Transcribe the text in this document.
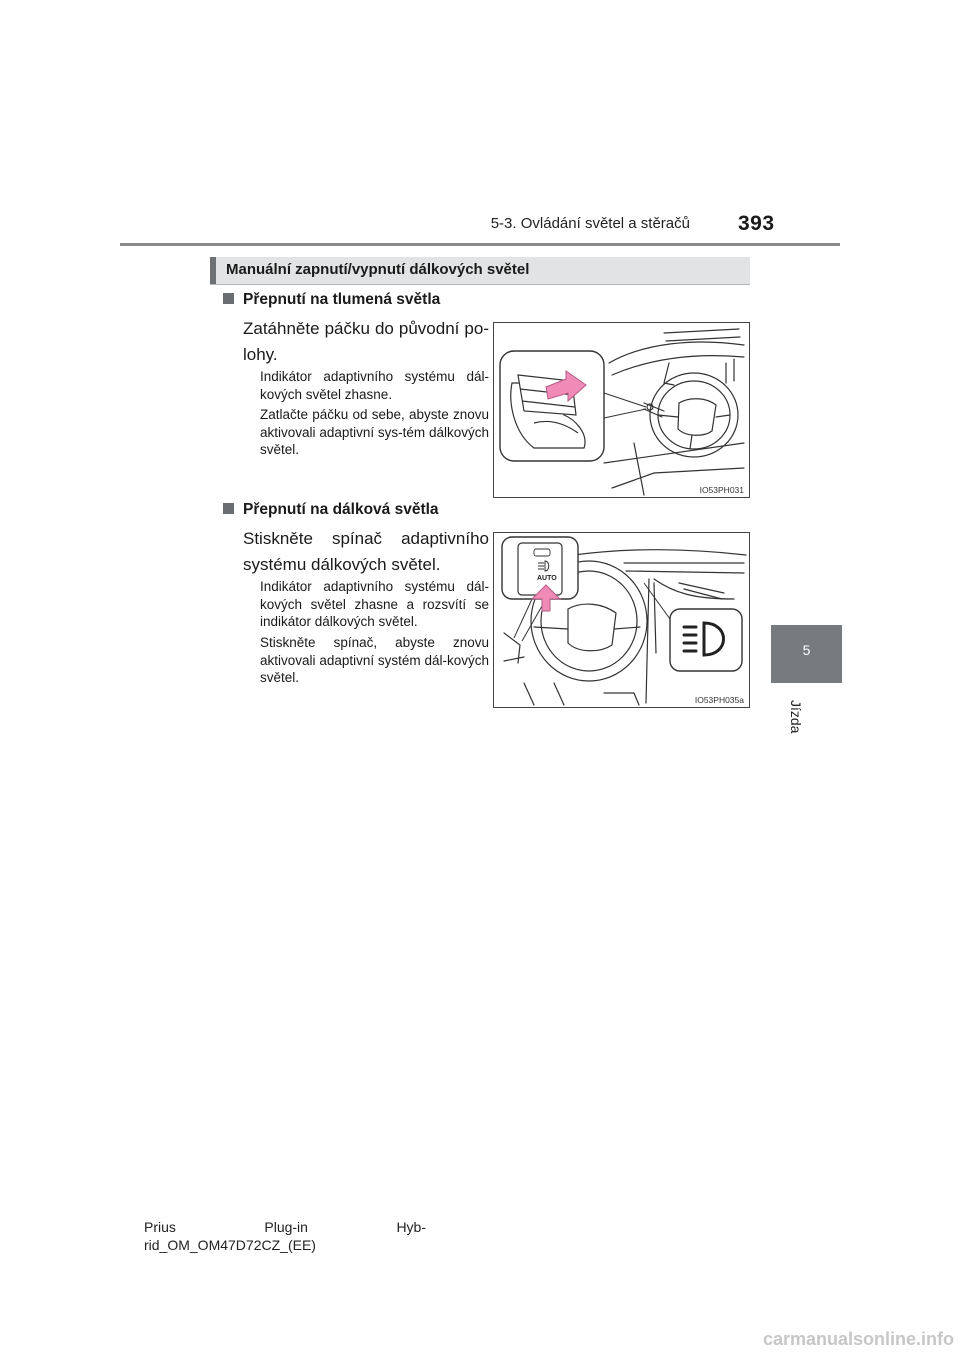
5-3. Ovládání světel a stěračů 393
5
Jízda
Manuální zapnutí/vypnutí dálkových světel
Přepnutí na tlumená světla
Zatáhněte páčku do původní po-lohy.
Indikátor adaptivního systému dál-kových světel zhasne.
Zatlačte páčku od sebe, abyste znovu aktivovali adaptivní sys-tém dálkových světel.
IO53PH031
Přepnutí na dálková světla
Stiskněte spínač adaptivního systému dálkových světel.
Indikátor adaptivního systému dál-kových světel zhasne a rozsvítí se indikátor dálkových světel.
Stiskněte spínač, abyste znovu aktivovali adaptivní systém dál-kových světel.
AUTO
IO53PH035a
Prius	Plug-in	Hyb-
rid_OM_OM47D72CZ_(EE)
carmanualsonline.info
